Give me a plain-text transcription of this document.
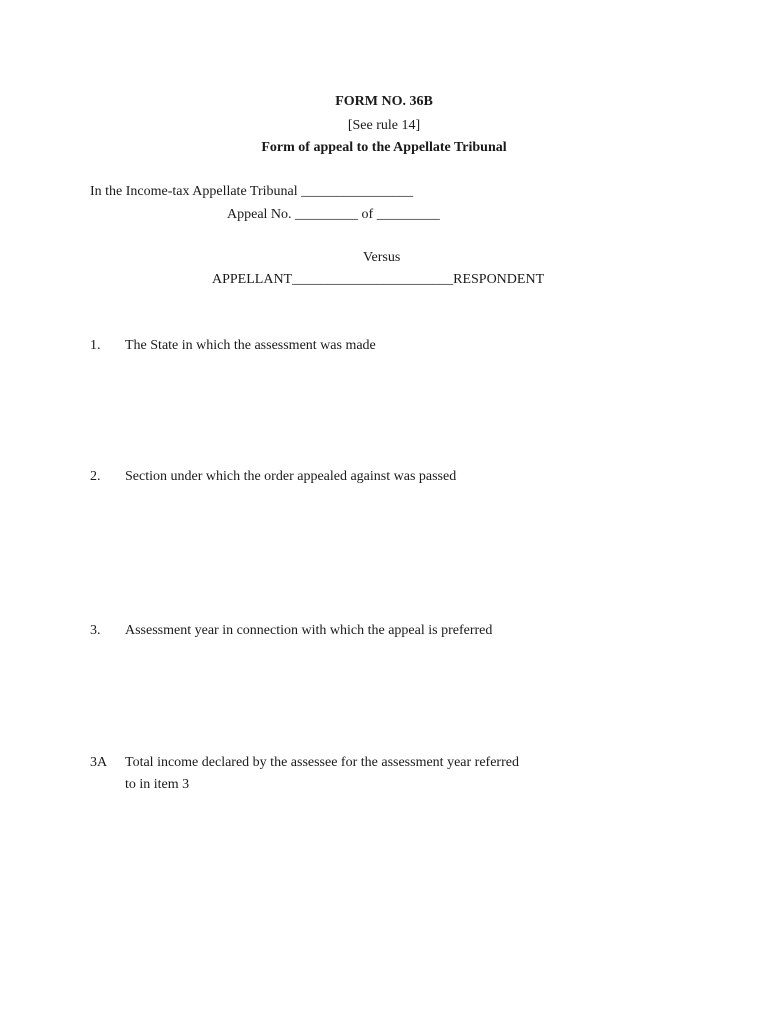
FORM NO. 36B
[See rule 14]
Form of appeal to the Appellate Tribunal
In the Income-tax Appellate Tribunal ________________
Appeal No. _________ of _________
Versus
APPELLANT_______________________RESPONDENT
1. The State in which the assessment was made
2. Section under which the order appealed against was passed
3. Assessment year in connection with which the appeal is preferred
3A Total income declared by the assessee for the assessment year referred
to in item 3
